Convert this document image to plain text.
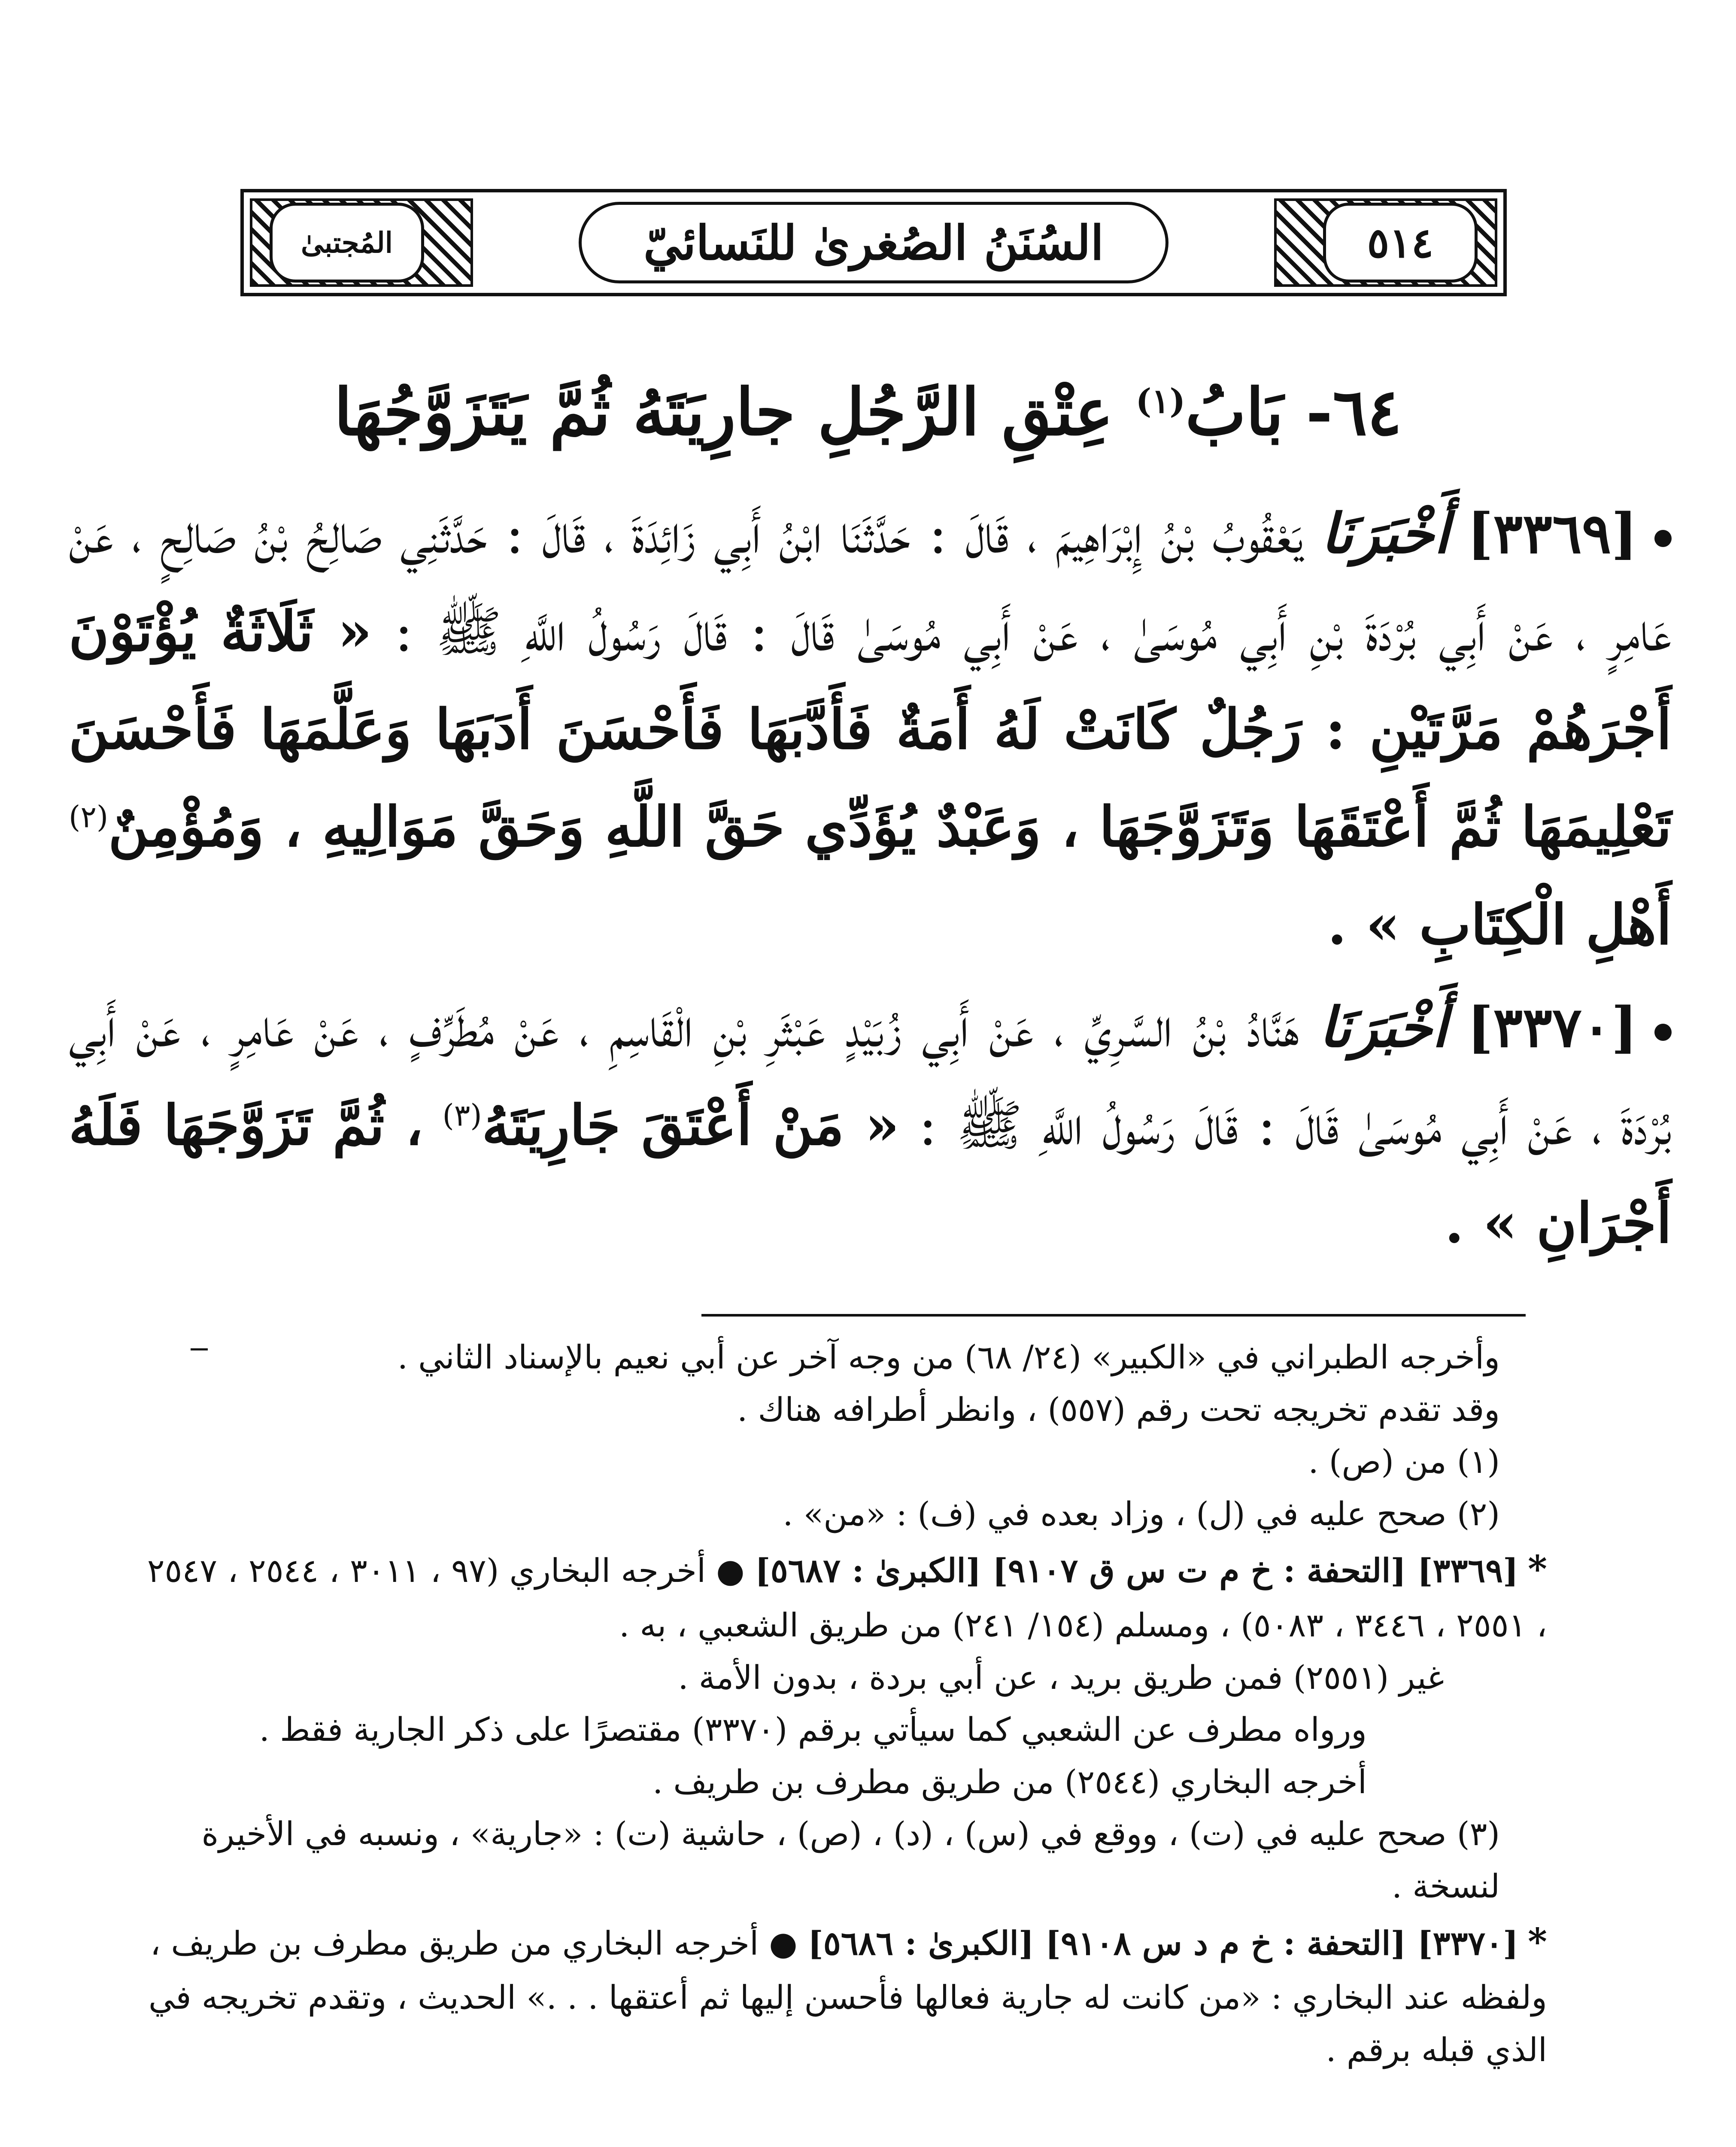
٥١٤
المُجتبىٰ	السُنَنُ الصُغرىٰ للنَسائيّ
٦٤- بَابُ$^{(١)}$ عِتْقِ الرَّجُلِ جارِيَتَهُ ثُمَّ يَتَزَوَّجُهَا
[٣٣٦٩] أَخْبَرَنَا يَعْقُوبُ بْنُ إِبْرَاهِيمَ ، قَالَ : حَدَّثَنَا ابْنُ أَبِي زَائِدَةَ ، قَالَ : حَدَّثَنِي صَالِحُ بْنُ صَالِحٍ ، عَنْ عَامِرٍ ، عَنْ أَبِي بُرْدَةَ بْنِ أَبِي مُوسَىٰ ، عَنْ أَبِي مُوسَىٰ قَالَ : قَالَ رَسُولُ اللَّهِ ﷺ : « ثَلَاثَةٌ يُؤْتَوْنَ أَجْرَهُمْ مَرَّتَيْنِ : رَجُلٌ كَانَتْ لَهُ أَمَةٌ فَأَدَّبَهَا فَأَحْسَنَ أَدَبَهَا وَعَلَّمَهَا فَأَحْسَنَ تَعْلِيمَهَا ثُمَّ أَعْتَقَهَا وَتَزَوَّجَهَا ، وَعَبْدٌ يُؤَدِّي حَقَّ اللَّهِ وَحَقَّ مَوَالِيهِ ، وَمُؤْمِنٌ$^{(٢)}$ أَهْلِ الْكِتَابِ » .
[٣٣٧٠] أَخْبَرَنَا هَنَّادُ بْنُ السَّرِيِّ ، عَنْ أَبِي زُبَيْدٍ عَبْثَرِ بْنِ الْقَاسِمِ ، عَنْ مُطَرِّفٍ ، عَنْ عَامِرٍ ، عَنْ أَبِي بُرْدَةَ ، عَنْ أَبِي مُوسَىٰ قَالَ : قَالَ رَسُولُ اللَّهِ ﷺ : « مَنْ أَعْتَقَ جَارِيَتَهُ$^{(٣)}$ ، ثُمَّ تَزَوَّجَهَا فَلَهُ أَجْرَانِ » .

وأخرجه الطبراني في «الكبير» (٢٤/ ٦٨) من وجه آخر عن أبي نعيم بالإسناد الثاني .

وقد تقدم تخريجه تحت رقم (٥٥٧) ، وانظر أطرافه هناك .

(١) من (ص) .

(٢) صحح عليه في (ل) ، وزاد بعده في (ف) : «من» .

*[٣٣٦٩] [التحفة : خ م ت س ق ٩١٠٧] [الكبرىٰ : ٥٦٨٧] ● أخرجه البخاري (٩٧ ، ٣٠١١ ، ٢٥٤٤ ، ٢٥٤٧ ، ٢٥٥١ ، ٣٤٤٦ ، ٥٠٨٣) ، ومسلم (١٥٤/ ٢٤١) من طريق الشعبي ، به .

غير (٢٥٥١) فمن طريق بريد ، عن أبي بردة ، بدون الأمة .

ورواه مطرف عن الشعبي كما سيأتي برقم (٣٣٧٠) مقتصرًا على ذكر الجارية فقط .

أخرجه البخاري (٢٥٤٤) من طريق مطرف بن طريف .

(٣) صحح عليه في (ت) ، ووقع في (س) ، (د) ، (ص) ، حاشية (ت) : «جارية» ، ونسبه في الأخيرة لنسخة .

*[٣٣٧٠] [التحفة : خ م د س ٩١٠٨] [الكبرىٰ : ٥٦٨٦] ● أخرجه البخاري من طريق مطرف بن طريف ، ولفظه عند البخاري : «من كانت له جارية فعالها فأحسن إليها ثم أعتقها . . .» الحديث ، وتقدم تخريجه في الذي قبله برقم .
